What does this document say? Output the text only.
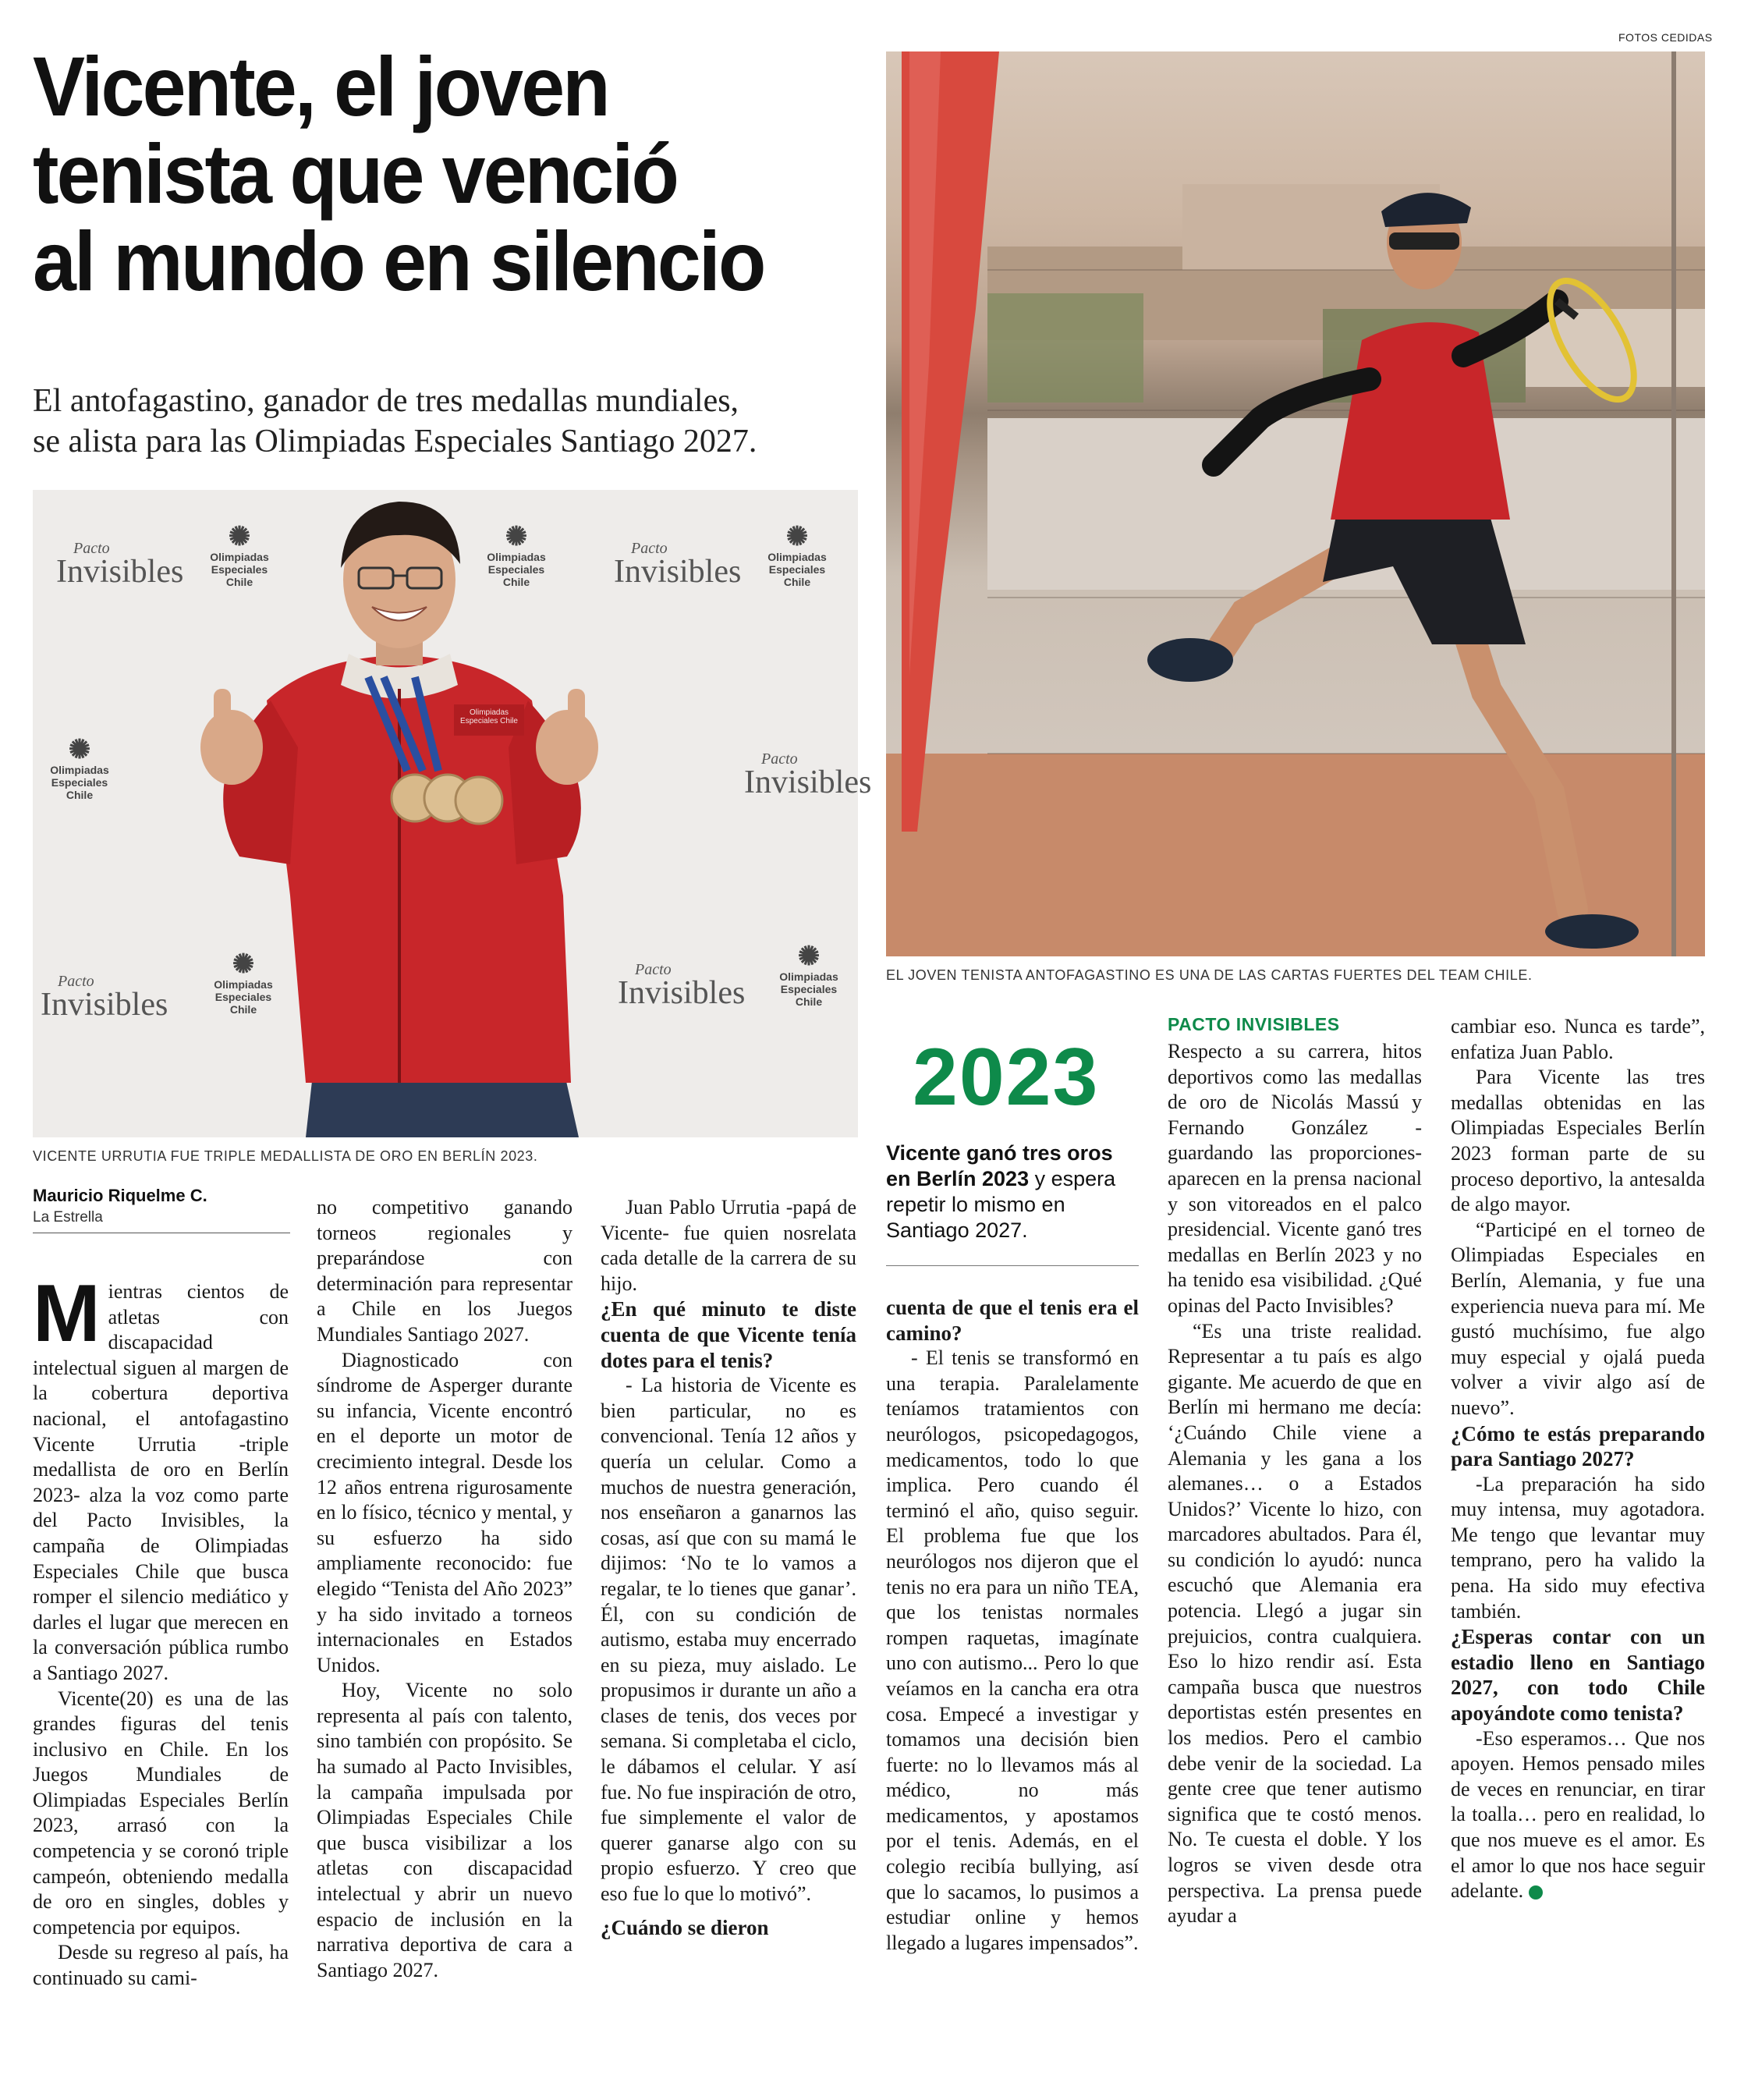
FOTOS CEDIDAS
Vicente, el joven
tenista que venció
al mundo en silencio
El antofagastino, ganador de tres medallas mundiales,
se alista para las Olimpiadas Especiales Santiago 2027.
Pacto
Invisibles
✺
Olimpiadas
Especiales
Chile
✺
Olimpiadas
Especiales
Chile
Pacto
Invisibles
✺
Olimpiadas
Especiales
Chile
✺
Olimpiadas
Especiales
Chile
Pacto
Invisibles
Pacto
Invisibles
✺
Olimpiadas
Especiales
Chile
Pacto
Invisibles
✺
Olimpiadas
Especiales
Chile
Olimpiadas Especiales Chile
VICENTE URRUTIA FUE TRIPLE MEDALLISTA DE ORO EN BERLÍN 2023.
EL JOVEN TENISTA ANTOFAGASTINO ES UNA DE LAS CARTAS FUERTES DEL TEAM CHILE.
Mauricio Riquelme C.
La Estrella

Mientras cientos de atletas con discapacidad intelectual siguen al margen de la cobertura deportiva nacional, el antofagastino Vicente Urrutia -triple medallista de oro en Berlín 2023- alza la voz como parte del Pacto Invisibles, la campaña de Olimpiadas Especiales Chile que busca romper el silencio mediático y darles el lugar que merecen en la conversación pública rumbo a Santiago 2027.

Vicente(20) es una de las grandes figuras del tenis inclusivo en Chile. En los Juegos Mundiales de Olimpiadas Especiales Berlín 2023, arrasó con la competencia y se coronó triple campeón, obteniendo medalla de oro en singles, dobles y competencia por equipos.

Desde su regreso al país, ha continuado su cami-

no competitivo ganando torneos regionales y preparándose con determinación para representar a Chile en los Juegos Mundiales Santiago 2027.

Diagnosticado con síndrome de Asperger durante su infancia, Vicente encontró en el deporte un motor de crecimiento integral. Desde los 12 años entrena rigurosamente en lo físico, técnico y mental, y su esfuerzo ha sido ampliamente reconocido: fue elegido “Tenista del Año 2023” y ha sido invitado a torneos internacionales en Estados Unidos.

Hoy, Vicente no solo representa al país con talento, sino también con propósito. Se ha sumado al Pacto Invisibles, la campaña impulsada por Olimpiadas Especiales Chile que busca visibilizar a los atletas con discapacidad intelectual y abrir un nuevo espacio de inclusión en la narrativa deportiva de cara a Santiago 2027.

Juan Pablo Urrutia -papá de Vicente- fue quien nosrelata cada detalle de la carrera de su hijo.

¿En qué minuto te diste cuenta de que Vicente tenía dotes para el tenis?

- La historia de Vicente es bien particular, no es convencional. Tenía 12 años y quería un celular. Como a muchos de nuestra generación, nos enseñaron a ganarnos las cosas, así que con su mamá le dijimos: ‘No te lo vamos a regalar, te lo tienes que ganar’. Él, con su condición de autismo, estaba muy encerrado en su pieza, muy aislado. Le propusimos ir durante un año a clases de tenis, dos veces por semana. Si completaba el ciclo, le dábamos el celular. Y así fue. No fue inspiración de otro, fue simplemente el valor de querer ganarse algo con su propio esfuerzo. Y creo que eso fue lo que lo motivó”.

¿Cuándo se dieron

2023
Vicente ganó tres oros en Berlín 2023 y espera repetir lo mismo en Santiago 2027.

cuenta de que el tenis era el camino?

- El tenis se transformó en una terapia. Paralelamente teníamos tratamientos con neurólogos, psicopedagogos, medicamentos, todo lo que implica. Pero cuando él terminó el año, quiso seguir. El problema fue que los neurólogos nos dijeron que el tenis no era para un niño TEA, que los tenistas normales rompen raquetas, imagínate uno con autismo... Pero lo que veíamos en la cancha era otra cosa. Empecé a investigar y tomamos una decisión bien fuerte: no lo llevamos más al médico, no más medicamentos, y apostamos por el tenis. Además, en el colegio recibía bullying, así que lo sacamos, lo pusimos a estudiar online y hemos llegado a lugares impensados”.

PACTO INVISIBLES

Respecto a su carrera, hitos deportivos como las medallas de oro de Nicolás Massú y Fernando González -guardando las proporciones- aparecen en la prensa nacional y son vitoreados en el palco presidencial. Vicente ganó tres medallas en Berlín 2023 y no ha tenido esa visibilidad. ¿Qué opinas del Pacto Invisibles?

“Es una triste realidad. Representar a tu país es algo gigante. Me acuerdo de que en Berlín mi hermano me decía: ‘¿Cuándo Chile viene a Alemania y les gana a los alemanes… o a Estados Unidos?’ Vicente lo hizo, con marcadores abultados. Para él, su condición lo ayudó: nunca escuchó que Alemania era potencia. Llegó a jugar sin prejuicios, contra cualquiera. Eso lo hizo rendir así. Esta campaña busca que nuestros deportistas estén presentes en los medios. Pero el cambio debe venir de la sociedad. La gente cree que tener autismo significa que te costó menos. No. Te cuesta el doble. Y los logros se viven desde otra perspectiva. La prensa puede ayudar a

cambiar eso. Nunca es tarde”, enfatiza Juan Pablo.

Para Vicente las tres medallas obtenidas en las Olimpiadas Especiales Berlín 2023 forman parte de su proceso deportivo, la antesalda de algo mayor.

“Participé en el torneo de Olimpiadas Especiales en Berlín, Alemania, y fue una experiencia nueva para mí. Me gustó muchísimo, fue algo muy especial y ojalá pueda volver a vivir algo así de nuevo”.

¿Cómo te estás preparando para Santiago 2027?

-La preparación ha sido muy intensa, muy agotadora. Me tengo que levantar muy temprano, pero ha valido la pena. Ha sido muy efectiva también.

¿Esperas contar con un estadio lleno en Santiago 2027, con todo Chile apoyándote como tenista?

-Eso esperamos… Que nos apoyen. Hemos pensado miles de veces en renunciar, en tirar la toalla… pero en realidad, lo que nos mueve es el amor. Es el amor lo que nos hace seguir adelante.	✿
